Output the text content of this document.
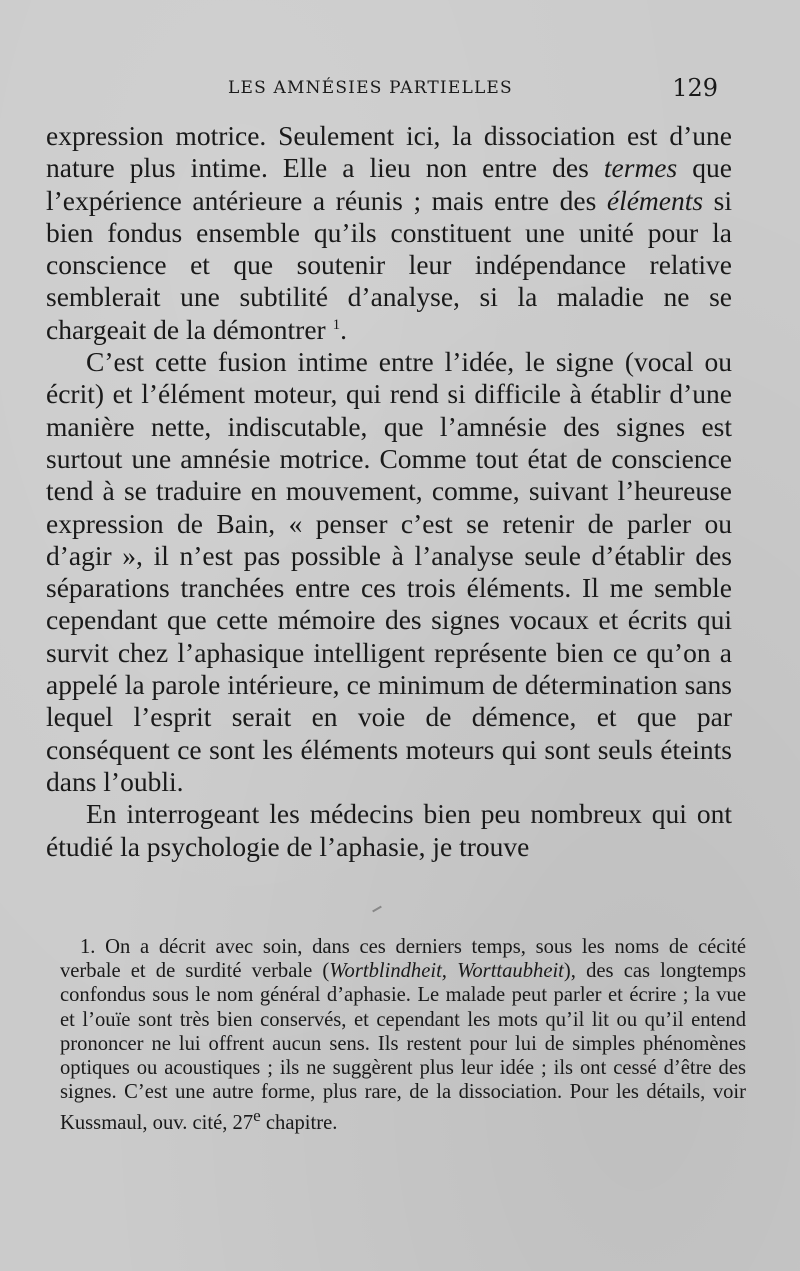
LES AMNÉSIES PARTIELLES	129

expression motrice. Seulement ici, la dissociation est d’une nature plus intime. Elle a lieu non entre des termes que l’expérience antérieure a réunis ; mais entre des éléments si bien fondus ensemble qu’ils constituent une unité pour la conscience et que soutenir leur indépendance relative semblerait une subtilité d’analyse, si la maladie ne se chargeait de la démontrer $^1$.

C’est cette fusion intime entre l’idée, le signe (vocal ou écrit) et l’élément moteur, qui rend si difficile à établir d’une manière nette, indiscutable, que l’amnésie des signes est surtout une amnésie motrice. Comme tout état de conscience tend à se traduire en mouvement, comme, suivant l’heureuse expression de Bain, « penser c’est se retenir de parler ou d’agir », il n’est pas possible à l’analyse seule d’établir des séparations tranchées entre ces trois éléments. Il me semble cependant que cette mémoire des signes vocaux et écrits qui survit chez l’aphasique intelligent représente bien ce qu’on a appelé la parole intérieure, ce minimum de détermination sans lequel l’esprit serait en voie de démence, et que par conséquent ce sont les éléments moteurs qui sont seuls éteints dans l’oubli.

En interrogeant les médecins bien peu nombreux qui ont étudié la psychologie de l’aphasie, je trouve

1. On a décrit avec soin, dans ces derniers temps, sous les noms de cécité verbale et de surdité verbale (Wortblindheit, Worttaubheit), des cas longtemps confondus sous le nom général d’aphasie. Le malade peut parler et écrire ; la vue et l’ouïe sont très bien conservés, et cependant les mots qu’il lit ou qu’il entend prononcer ne lui offrent aucun sens. Ils restent pour lui de simples phénomènes optiques ou acoustiques ; ils ne suggèrent plus leur idée ; ils ont cessé d’être des signes. C’est une autre forme, plus rare, de la dissociation. Pour les détails, voir Kussmaul, ouv. cité, 27e chapitre.
